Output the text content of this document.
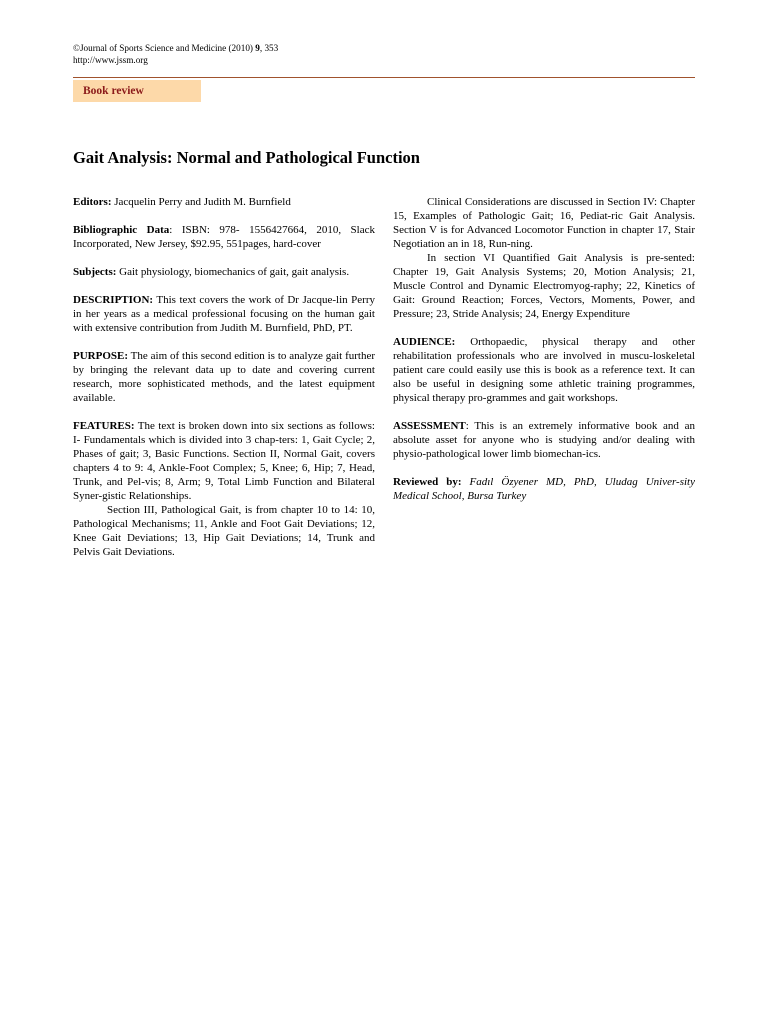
©Journal of Sports Science and Medicine (2010) 9, 353
http://www.jssm.org
Book review
Gait Analysis: Normal and Pathological Function

Editors: Jacquelin Perry and Judith M. Burnfield

Bibliographic Data: ISBN: 978- 1556427664, 2010, Slack Incorporated, New Jersey, $92.95, 551pages, hard-cover

Subjects: Gait physiology, biomechanics of gait, gait analysis.

DESCRIPTION: This text covers the work of Dr Jacque-lin Perry in her years as a medical professional focusing on the human gait with extensive contribution from Judith M. Burnfield, PhD, PT.

PURPOSE: The aim of this second edition is to analyze gait further by bringing the relevant data up to date and covering current research, more sophisticated methods, and the latest equipment available.

FEATURES: The text is broken down into six sections as follows: I- Fundamentals which is divided into 3 chap-ters: 1, Gait Cycle; 2, Phases of gait; 3, Basic Functions. Section II, Normal Gait, covers chapters 4 to 9: 4, Ankle-Foot Complex; 5, Knee; 6, Hip; 7, Head, Trunk, and Pel-vis; 8, Arm; 9, Total Limb Function and Bilateral Syner-gistic Relationships.

Section III, Pathological Gait, is from chapter 10 to 14: 10, Pathological Mechanisms; 11, Ankle and Foot Gait Deviations; 12, Knee Gait Deviations; 13, Hip Gait Deviations; 14, Trunk and Pelvis Gait Deviations.

Clinical Considerations are discussed in Section IV: Chapter 15, Examples of Pathologic Gait; 16, Pediat-ric Gait Analysis. Section V is for Advanced Locomotor Function in chapter 17, Stair Negotiation an in 18, Run-ning.

In section VI Quantified Gait Analysis is pre-sented: Chapter 19, Gait Analysis Systems; 20, Motion Analysis; 21, Muscle Control and Dynamic Electromyog-raphy; 22, Kinetics of Gait: Ground Reaction; Forces, Vectors, Moments, Power, and Pressure; 23, Stride Analysis; 24, Energy Expenditure

AUDIENCE: Orthopaedic, physical therapy and other rehabilitation professionals who are involved in muscu-loskeletal patient care could easily use this is book as a reference text. It can also be useful in designing some athletic training programmes, physical therapy pro-grammes and gait workshops.

ASSESSMENT: This is an extremely informative book and an absolute asset for anyone who is studying and/or dealing with physio-pathological lower limb biomechan-ics.

Reviewed by: Fadıl Özyener MD, PhD, Uludag Univer-sity Medical School, Bursa Turkey
